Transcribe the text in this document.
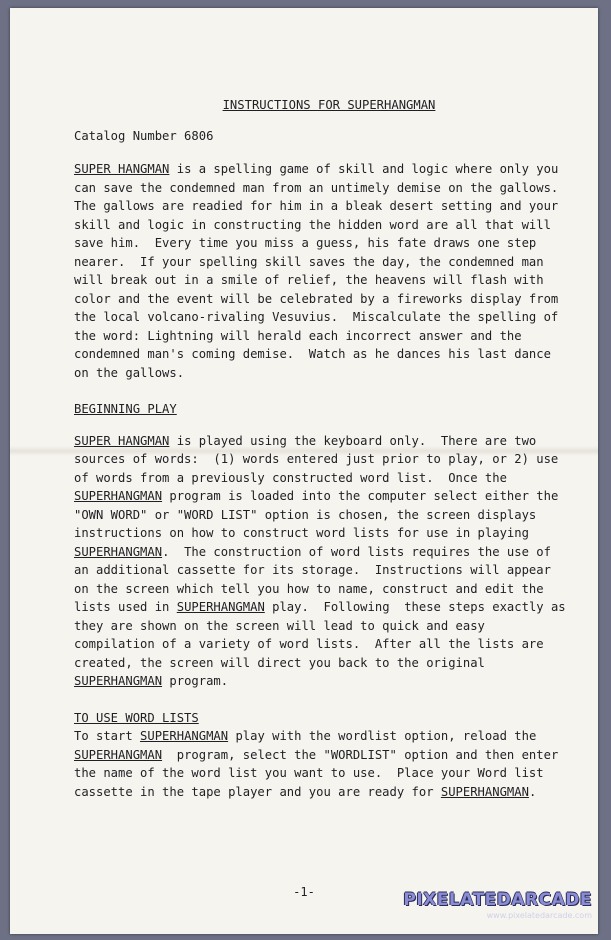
INSTRUCTIONS FOR SUPERHANGMAN
Catalog Number 6806
SUPER HANGMAN is a spelling game of skill and logic where only you
can save the condemned man from an untimely demise on the gallows.
The gallows are readied for him in a bleak desert setting and your
skill and logic in constructing the hidden word are all that will
save him.  Every time you miss a guess, his fate draws one step
nearer.  If your spelling skill saves the day, the condemned man
will break out in a smile of relief, the heavens will flash with
color and the event will be celebrated by a fireworks display from
the local volcano-rivaling Vesuvius.  Miscalculate the spelling of
the word: Lightning will herald each incorrect answer and the
condemned man's coming demise.  Watch as he dances his last dance
on the gallows.
BEGINNING PLAY
SUPER HANGMAN is played using the keyboard only.  There are two
sources of words:  (1) words entered just prior to play, or 2) use
of words from a previously constructed word list.  Once the
SUPERHANGMAN program is loaded into the computer select either the
"OWN WORD" or "WORD LIST" option is chosen, the screen displays
instructions on how to construct word lists for use in playing
SUPERHANGMAN.  The construction of word lists requires the use of
an additional cassette for its storage.  Instructions will appear
on the screen which tell you how to name, construct and edit the
lists used in SUPERHANGMAN play.  Following  these steps exactly as
they are shown on the screen will lead to quick and easy
compilation of a variety of word lists.  After all the lists are
created, the screen will direct you back to the original
SUPERHANGMAN program.
TO USE WORD LISTS
To start SUPERHANGMAN play with the wordlist option, reload the
SUPERHANGMAN  program, select the "WORDLIST" option and then enter
the name of the word list you want to use.  Place your Word list
cassette in the tape player and you are ready for SUPERHANGMAN.
-1-	PIXELATEDARCADE
www.pixelatedarcade.com
